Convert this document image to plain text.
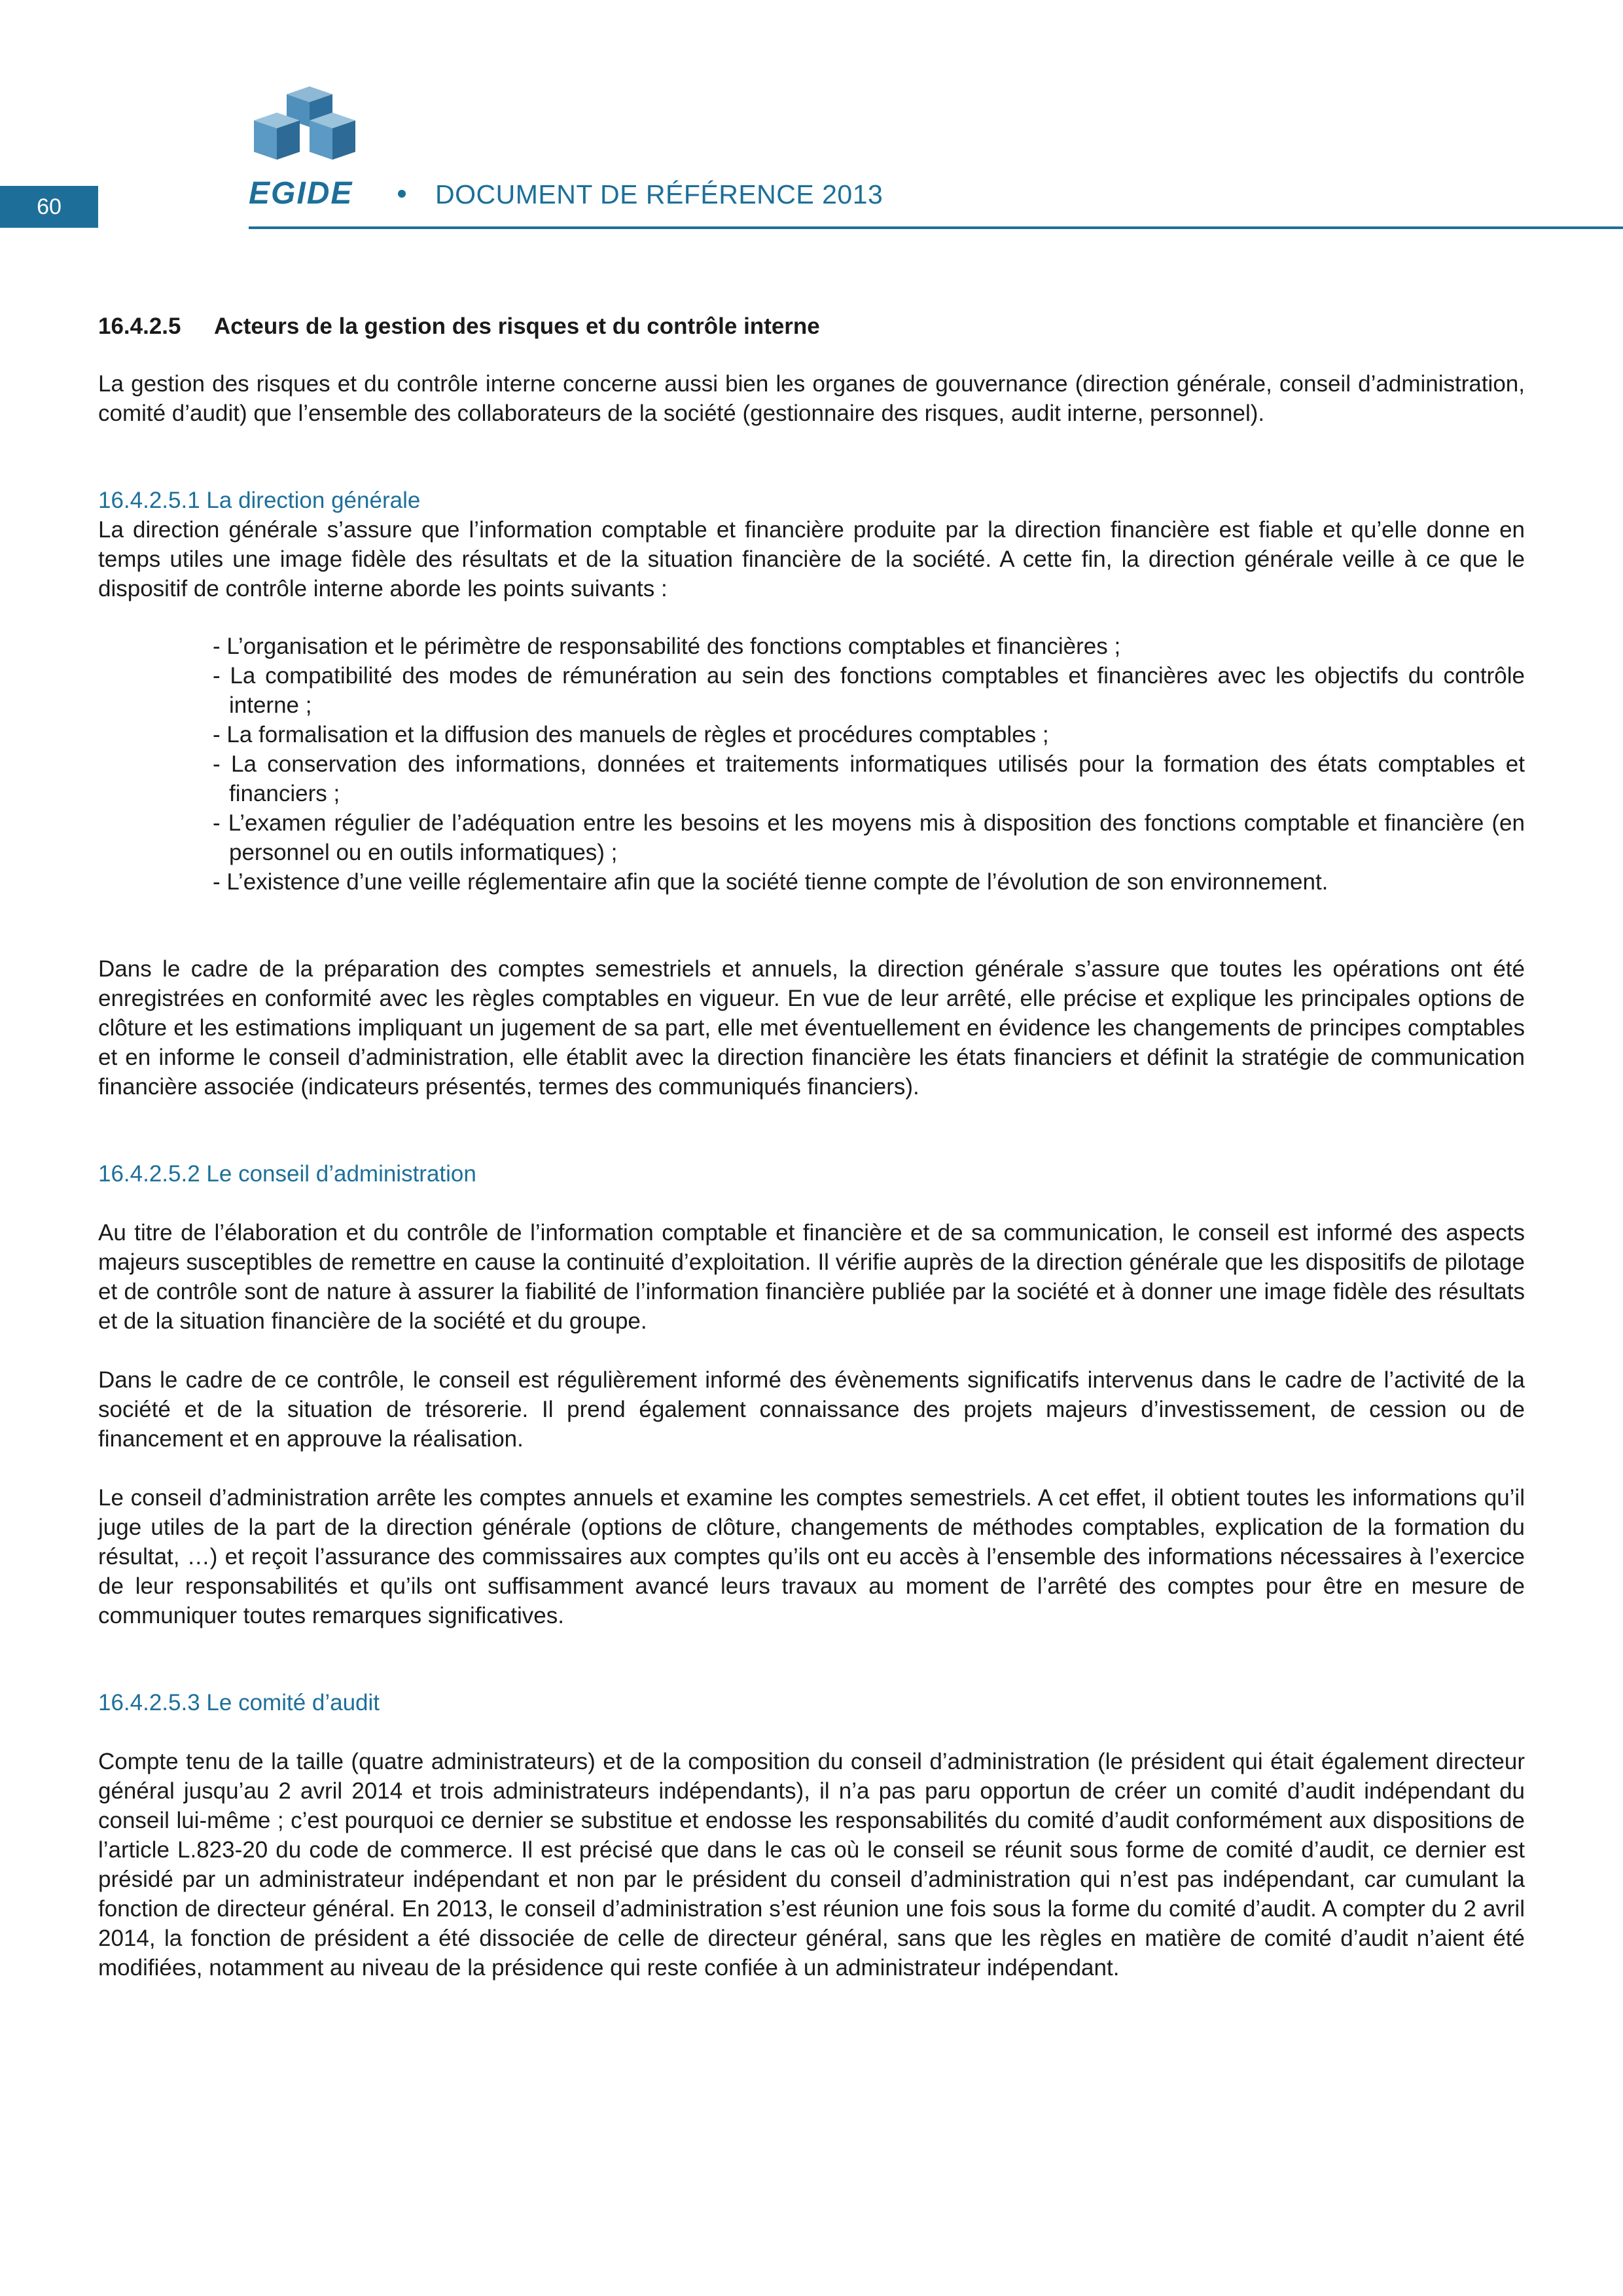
60	EGIDE	DOCUMENT DE RÉFÉRENCE 2013
16.4.2.5 Acteurs de la gestion des risques et du contrôle interne

La gestion des risques et du contrôle interne concerne aussi bien les organes de gouvernance (direction générale, conseil d’administration, comité d’audit) que l’ensemble des collaborateurs de la société (gestionnaire des risques, audit interne, personnel).

16.4.2.5.1 La direction générale

La direction générale s’assure que l’information comptable et financière produite par la direction financière est fiable et qu’elle donne en temps utiles une image fidèle des résultats et de la situation financière de la société. A cette fin, la direction générale veille à ce que le dispositif de contrôle interne aborde les points suivants :

- L’organisation et le périmètre de responsabilité des fonctions comptables et financières ;
- La compatibilité des modes de rémunération au sein des fonctions comptables et financières avec les objectifs du contrôle interne ;
- La formalisation et la diffusion des manuels de règles et procédures comptables ;
- La conservation des informations, données et traitements informatiques utilisés pour la formation des états comptables et financiers ;
- L’examen régulier de l’adéquation entre les besoins et les moyens mis à disposition des fonctions comptable et financière (en personnel ou en outils informatiques) ;
- L’existence d’une veille réglementaire afin que la société tienne compte de l’évolution de son environnement.

Dans le cadre de la préparation des comptes semestriels et annuels, la direction générale s’assure que toutes les opérations ont été enregistrées en conformité avec les règles comptables en vigueur. En vue de leur arrêté, elle précise et explique les principales options de clôture et les estimations impliquant un jugement de sa part, elle met éventuellement en évidence les changements de principes comptables et en informe le conseil d’administration, elle établit avec la direction financière les états financiers et définit la stratégie de communication financière associée (indicateurs présentés, termes des communiqués financiers).

16.4.2.5.2 Le conseil d’administration

Au titre de l’élaboration et du contrôle de l’information comptable et financière et de sa communication, le conseil est informé des aspects majeurs susceptibles de remettre en cause la continuité d’exploitation. Il vérifie auprès de la direction générale que les dispositifs de pilotage et de contrôle sont de nature à assurer la fiabilité de l’information financière publiée par la société et à donner une image fidèle des résultats et de la situation financière de la société et du groupe.

Dans le cadre de ce contrôle, le conseil est régulièrement informé des évènements significatifs intervenus dans le cadre de l’activité de la société et de la situation de trésorerie. Il prend également connaissance des projets majeurs d’investissement, de cession ou de financement et en approuve la réalisation.

Le conseil d’administration arrête les comptes annuels et examine les comptes semestriels. A cet effet, il obtient toutes les informations qu’il juge utiles de la part de la direction générale (options de clôture, changements de méthodes comptables, explication de la formation du résultat, …) et reçoit l’assurance des commissaires aux comptes qu’ils ont eu accès à l’ensemble des informations nécessaires à l’exercice de leur responsabilités et qu’ils ont suffisamment avancé leurs travaux au moment de l’arrêté des comptes pour être en mesure de communiquer toutes remarques significatives.

16.4.2.5.3 Le comité d’audit

Compte tenu de la taille (quatre administrateurs) et de la composition du conseil d’administration (le président qui était également directeur général jusqu’au 2 avril 2014 et trois administrateurs indépendants), il n’a pas paru opportun de créer un comité d’audit indépendant du conseil lui-même ; c’est pourquoi ce dernier se substitue et endosse les responsabilités du comité d’audit conformément aux dispositions de l’article L.823-20 du code de commerce. Il est précisé que dans le cas où le conseil se réunit sous forme de comité d’audit, ce dernier est présidé par un administrateur indépendant et non par le président du conseil d’administration qui n’est pas indépendant, car cumulant la fonction de directeur général. En 2013, le conseil d’administration s’est réunion une fois sous la forme du comité d’audit. A compter du 2 avril 2014, la fonction de président a été dissociée de celle de directeur général, sans que les règles en matière de comité d’audit n’aient été modifiées, notamment au niveau de la présidence qui reste confiée à un administrateur indépendant.
